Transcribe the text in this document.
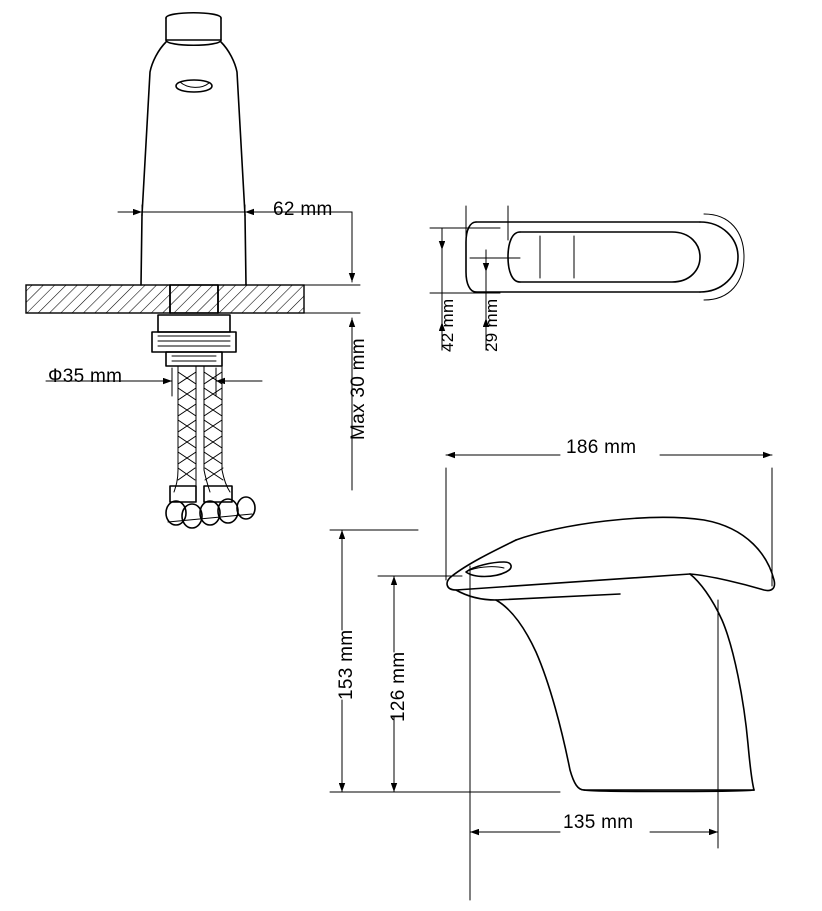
62 mm
Ф35 mm	Max 30 mm
42 mm 29 mm
186 mm
153 mm 126 mm
135 mm
